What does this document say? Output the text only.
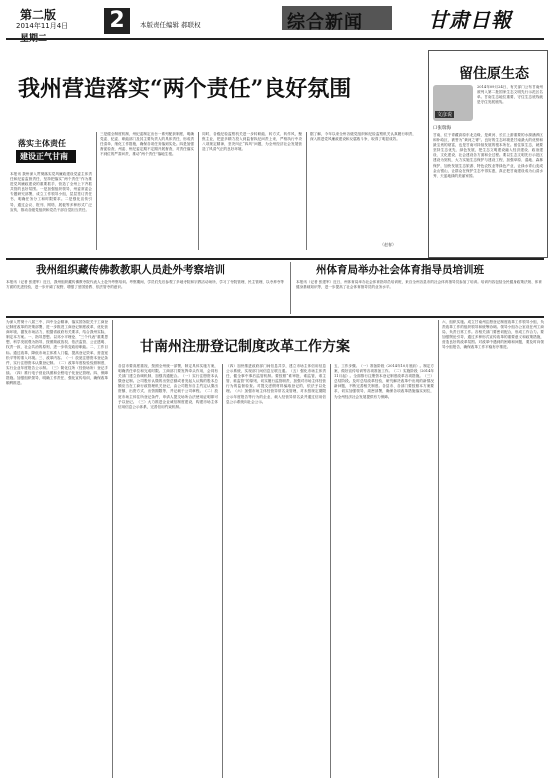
第二版
2014年11月4日 2	本版责任编辑 郝联权	综合新闻	甘肃日報
我州营造落实“两个责任”良好氛围
落实主体责任
建设正气甘南
本报讯 我州深入贯彻落实党风廉政建设党委主体责任和纪委监督责任，坚持把落实“两个责任”作为推进党风廉政建设的重要抓手，营造了全州上下齐抓共管的良好氛围。一是加强组织领导，州委常委会专题研究部署，成立工作领导小组，层层签订责任书，明确任务分工和时限要求。二是强化宣传引导，通过会议、报刊、网络、展板等多种形式广泛宣传，推动各级党组织和党员干部自觉担当责任。
三是健全制度机制，州纪委制定出台一系列配套制度，明确党委、纪委、职能部门及其主要负责人的具体责任，形成责任清单，细化工作措施，确保各项任务落到实处。四是加强督促检查，州委、州纪委定期不定期开展督查，对责任落实不到位的严肃问责，推动“两个责任”落地生根。
同时，各级纪检监察机关进一步转职能、转方式、转作风，聚焦主业，把更多精力投入到监督执纪问责上来，严格执行中央八项规定精神，坚决纠正“四风”问题，为全州经济社会发展营造了风清气正的良好环境。
据了解，今年以来全州各级党组织和纪检监察机关认真履行职责，深入推进党风廉政建设和反腐败斗争，取得了明显成效。
（赵春）
留住原生态
文彦说
2014年09月24日，有关部门公布甘南州被列入第二批国家生态文明先行示范区名单。甘南生态地位重要，守住生态底线就是守住发展底线。
口张瑞海
甘南，位于青藏高原东北边缘，是黄河、长江上游重要的水源涵养区和补给区，被誉为“黄河之肾”。良好的生态环境是甘南最大的优势和最宝贵的财富，也是甘南可持续发展的根本所在。留住原生态，就要坚持生态优先、绿色发展，把生态文明建设融入经济建设、政治建设、文化建设、社会建设各方面和全过程。要以生态文明先行示范区建设为契机，大力实施生态保护与建设工程，加强草原、湿地、森林保护，加快发展生态旅游、特色农牧业等绿色产业，让绿水青山变成金山银山，让群众在保护生态中得实惠，真正把甘南建设成为山清水秀、天蓝地绿的美丽家园。
我州组织藏传佛教教职人员赴外考察培训
本报讯（记者 张建军）近日，我州组织藏传佛教寺院代表人士赴外考察培训。考察期间，学员们先后参观了多地寺院和宗教活动场所，学习了寺院管理、民主管理、以寺养寺等方面的先进经验，进一步开阔了视野，增强了爱国爱教、依法管寺的意识。
州体育局举办社会体育指导员培训班
本报讯（记者 张建军）近日，州体育局举办社会体育指导员培训班，来自全州各县市的社会体育指导员参加了培训。培训内容包括全民健身政策法规、体育健身基础知识等，进一步提高了社会体育指导员的业务水平。
为深入贯彻十八届三中、四中全会精神，落实国务院关于工商登记制度改革的决策部署，进一步推进工商登记制度改革，优化营商环境，激发市场活力，根据省政府有关要求，结合我州实际，制定本方案。一、指导思想。以邓小平理论、“三个代表”重要思想、科学发展观为指导，按照简政放权、依法监管、公正透明、权责一致、社会共治的原则，进一步转变政府职能。二、工作目标。通过改革，降低市场主体准入门槛，提高登记效率，营造宽松平等的准入环境。三、改革内容。（一）放宽注册资本登记条件，实行注册资本认缴登记制。（二）改革年度检验验照制度，实行企业年度报告公示制。（三）简化住所（经营场所）登记手续。（四）推行电子营业执照和全程电子化登记管理。四、保障措施。加强组织领导，明确工作责任，强化宣传培训，确保改革顺利推进。
甘南州注册登记制度改革工作方案
各县市要高度重视，按照全州统一部署，制定具体实施方案，明确责任单位和完成时限。工商部门要发挥牵头作用，会同有关部门建立协调机制，加强沟通配合。（一）实行注册资本认缴登记制。公司股东认缴的出资总额或者发起人认购的股本总额应当在工商行政管理机关登记，由公司股东自主约定认缴出资额、出资方式、出资期限等，并记载于公司章程。（二）放宽市场主体住所登记条件，申请人提交场所合法使用证明即可予以登记。（三）大力推进企业诚信制度建设，构建市场主体信用信息公示体系，完善信用约束机制。
（四）加快推进政府部门间信息共享，建立市场主体信用信息公示系统，实现部门间信息互联互通。（五）强化市场主体责任，健全事中事后监管机制。要按照“谁审批、谁监管，谁主管、谁监管”的原则，切实履行监管职责，加强对市场主体经营行为的监督检查。对提交虚假材料骗取登记的，依法予以处理。（六）加强市场主体经营异常名录管理，对未按规定期限公示年度报告等行为的企业，载入经营异常名录并通过信用信息公示系统向社会公示。
五、工作步骤。（一）准备阶段（2014年10月底前）。制定方案，做好宣传培训等各项准备工作。（二）实施阶段（2014年11月起）。全面推行注册资本登记制度改革各项措施。（三）总结阶段。及时总结改革经验，研究解决改革中出现的新情况新问题，不断完善相关制度。各县市、各部门要按照本方案要求，切实加强领导，周密部署，确保各项改革措施落实到位，为全州经济社会发展提供有力保障。
六、组织实施。成立甘南州注册登记制度改革工作领导小组，负责改革工作的组织领导和统筹协调。领导小组办公室设在州工商局，负责日常工作。各相关部门要密切配合，形成工作合力。要加强舆论引导，通过多种形式宣传改革的重要意义和政策措施，营造良好的改革氛围。对改革中遇到的困难和问题，要及时向领导小组报告，确保改革工作平稳有序推进。
